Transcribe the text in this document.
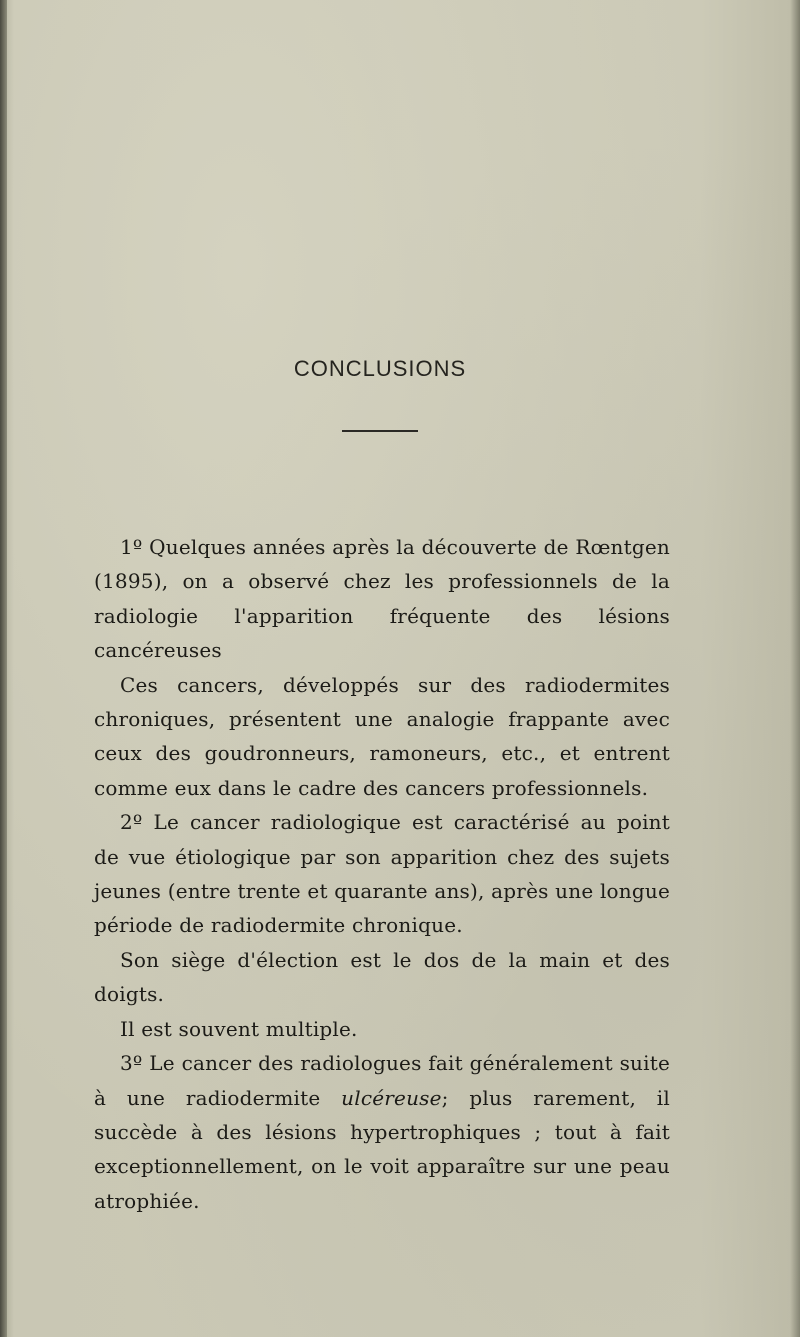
CONCLUSIONS

1º Quelques années après la découverte de Rœntgen (1895), on a observé chez les professionnels de la radiologie l'apparition fréquente des lésions cancéreuses

Ces cancers, développés sur des radiodermites chroniques, présentent une analogie frappante avec ceux des goudronneurs, ramoneurs, etc., et entrent comme eux dans le cadre des cancers professionnels.

2º Le cancer radiologique est caractérisé au point de vue étiologique par son apparition chez des sujets jeunes (entre trente et quarante ans), après une longue période de radiodermite chronique.

Son siège d'élection est le dos de la main et des doigts.

Il est souvent multiple.

3º Le cancer des radiologues fait généralement suite à une radiodermite ulcéreuse; plus rarement, il succède à des lésions hypertrophiques ; tout à fait exceptionnellement, on le voit apparaître sur une peau atrophiée.
